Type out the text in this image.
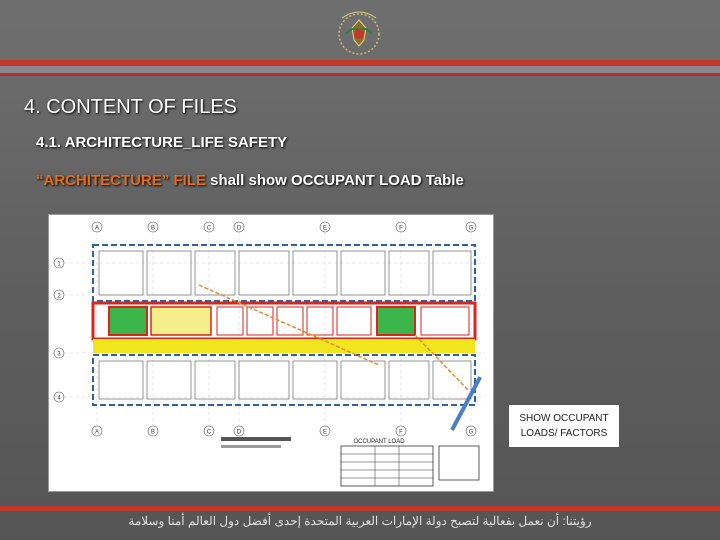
4. CONTENT OF FILES
4.1. ARCHITECTURE_LIFE SAFETY
“ARCHITECTURE” FILE shall show OCCUPANT LOAD Table
A
A
B
B
C
C
D
D
E
E
F
F
G
G
1
2
3
4
OCCUPANT LOAD
SHOW OCCUPANT LOADS/ FACTORS
رؤيتنا: أن نعمل بفعالية لتصبح دولة الإمارات العربية المتحدة إحدى أفضل دول العالم أمنا وسلامة
